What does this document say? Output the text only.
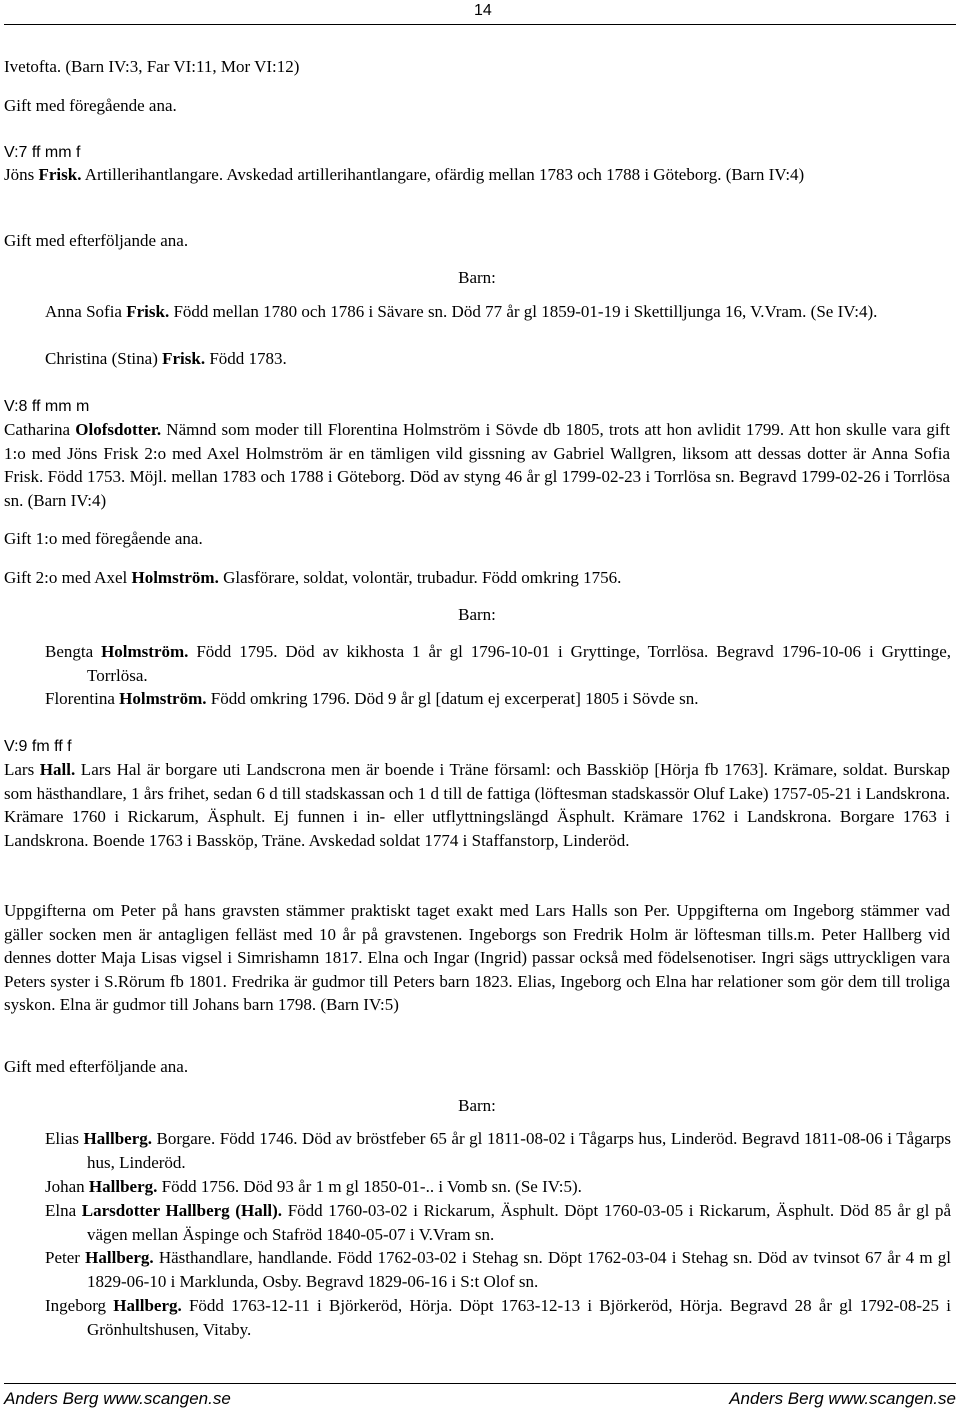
14

Ivetofta. (Barn IV:3, Far VI:11, Mor VI:12)

Gift med föregående ana.

V:7 ff mm f

Jöns Frisk. Artillerihantlangare. Avskedad artillerihantlangare, ofärdig mellan 1783 och 1788 i Göteborg. (Barn IV:4)

Gift med efterföljande ana.

Barn:

Anna Sofia Frisk. Född mellan 1780 och 1786 i Sävare sn. Död 77 år gl 1859-01-19 i Skettilljunga 16, V.Vram. (Se IV:4).
Christina (Stina) Frisk. Född 1783.

V:8 ff mm m

Catharina Olofsdotter. Nämnd som moder till Florentina Holmström i Sövde db 1805, trots att hon avlidit 1799. Att hon skulle vara gift 1:o med Jöns Frisk 2:o med Axel Holmström är en tämligen vild gissning av Gabriel Wallgren, liksom att dessas dotter är Anna Sofia Frisk. Född 1753. Möjl. mellan 1783 och 1788 i Göteborg. Död av styng 46 år gl 1799-02-23 i Torrlösa sn. Begravd 1799-02-26 i Torrlösa sn. (Barn IV:4)

Gift 1:o med föregående ana.

Gift 2:o med Axel Holmström. Glasförare, soldat, volontär, trubadur. Född omkring 1756.

Barn:

Bengta Holmström. Född 1795. Död av kikhosta 1 år gl 1796-10-01 i Gryttinge, Torrlösa. Begravd 1796-10-06 i Gryttinge, Torrlösa.
Florentina Holmström. Född omkring 1796. Död 9 år gl [datum ej excerperat] 1805 i Sövde sn.

V:9 fm ff f

Lars Hall. Lars Hal är borgare uti Landscrona men är boende i Träne församl: och Basskiöp [Hörja fb 1763]. Krämare, soldat. Burskap som hästhandlare, 1 års frihet, sedan 6 d till stadskassan och 1 d till de fattiga (löftesman stadskassör Oluf Lake) 1757-05-21 i Landskrona. Krämare 1760 i Rickarum, Äsphult. Ej funnen i in- eller utflyttningslängd Äsphult. Krämare 1762 i Landskrona. Borgare 1763 i Landskrona. Boende 1763 i Bassköp, Träne. Avskedad soldat 1774 i Staffanstorp, Linderöd.

Uppgifterna om Peter på hans gravsten stämmer praktiskt taget exakt med Lars Halls son Per. Uppgifterna om Ingeborg stämmer vad gäller socken men är antagligen felläst med 10 år på gravstenen. Ingeborgs son Fredrik Holm är löftesman tills.m. Peter Hallberg vid dennes dotter Maja Lisas vigsel i Simrishamn 1817. Elna och Ingar (Ingrid) passar också med födelsenotiser. Ingri sägs uttryckligen vara Peters syster i S.Rörum fb 1801. Fredrika är gudmor till Peters barn 1823. Elias, Ingeborg och Elna har relationer som gör dem till troliga syskon. Elna är gudmor till Johans barn 1798. (Barn IV:5)

Gift med efterföljande ana.

Barn:

Elias Hallberg. Borgare. Född 1746. Död av bröstfeber 65 år gl 1811-08-02 i Tågarps hus, Linderöd. Begravd 1811-08-06 i Tågarps hus, Linderöd.
Johan Hallberg. Född 1756. Död 93 år 1 m gl 1850-01-.. i Vomb sn. (Se IV:5).
Elna Larsdotter Hallberg (Hall). Född 1760-03-02 i Rickarum, Äsphult. Döpt 1760-03-05 i Rickarum, Äsphult. Död 85 år gl på vägen mellan Äspinge och Stafröd 1840-05-07 i V.Vram sn.
Peter Hallberg. Hästhandlare, handlande. Född 1762-03-02 i Stehag sn. Döpt 1762-03-04 i Stehag sn. Död av tvinsot 67 år 4 m gl 1829-06-10 i Marklunda, Osby. Begravd 1829-06-16 i S:t Olof sn.
Ingeborg Hallberg. Född 1763-12-11 i Björkeröd, Hörja. Döpt 1763-12-13 i Björkeröd, Hörja. Begravd 28 år gl 1792-08-25 i Grönhultshusen, Vitaby.
Anders Berg www.scangen.se	Anders Berg www.scangen.se
